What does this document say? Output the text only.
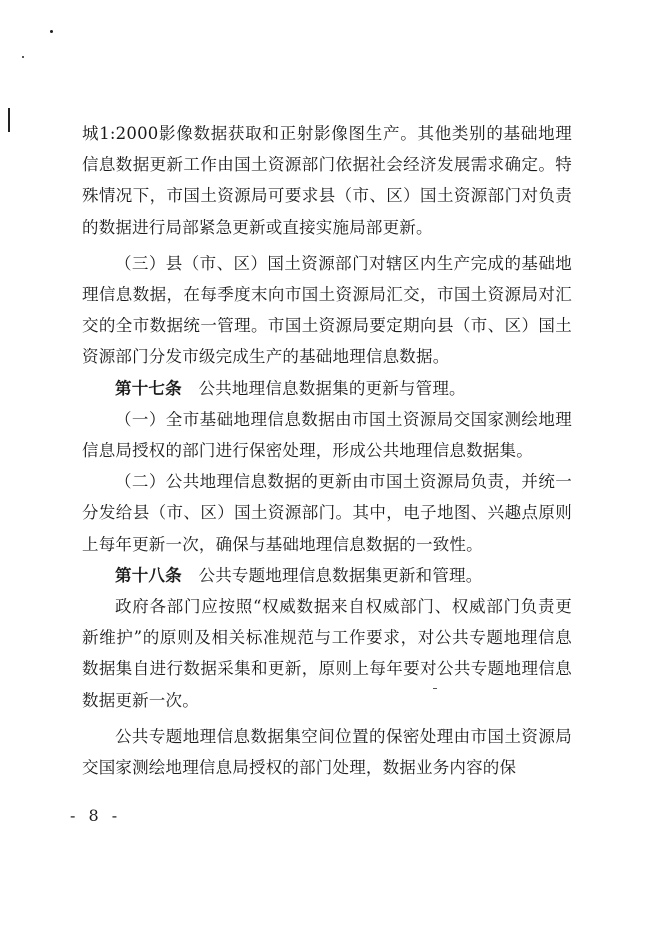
城1:2000影像数据获取和正射影像图生产。其他类别的基础地理信息数据更新工作由国土资源部门依据社会经济发展需求确定。特殊情况下，市国土资源局可要求县（市、区）国土资源部门对负责的数据进行局部紧急更新或直接实施局部更新。

（三）县（市、区）国土资源部门对辖区内生产完成的基础地理信息数据，在每季度末向市国土资源局汇交，市国土资源局对汇交的全市数据统一管理。市国土资源局要定期向县（市、区）国土资源部门分发市级完成生产的基础地理信息数据。

第十七条　 公共地理信息数据集的更新与管理。

（一）全市基础地理信息数据由市国土资源局交国家测绘地理信息局授权的部门进行保密处理，形成公共地理信息数据集。

（二）公共地理信息数据的更新由市国土资源局负责，并统一分发给县（市、区）国土资源部门。其中，电子地图、兴趣点原则上每年更新一次，确保与基础地理信息数据的一致性。

第十八条　 公共专题地理信息数据集更新和管理。

政府各部门应按照“权威数据来自权威部门、权威部门负责更新维护”的原则及相关标准规范与工作要求，对公共专题地理信息数据集自进行数据采集和更新，原则上每年要对公共专题地理信息数据更新一次。

公共专题地理信息数据集空间位置的保密处理由市国土资源局交国家测绘地理信息局授权的部门处理，数据业务内容的保

- 8 -
